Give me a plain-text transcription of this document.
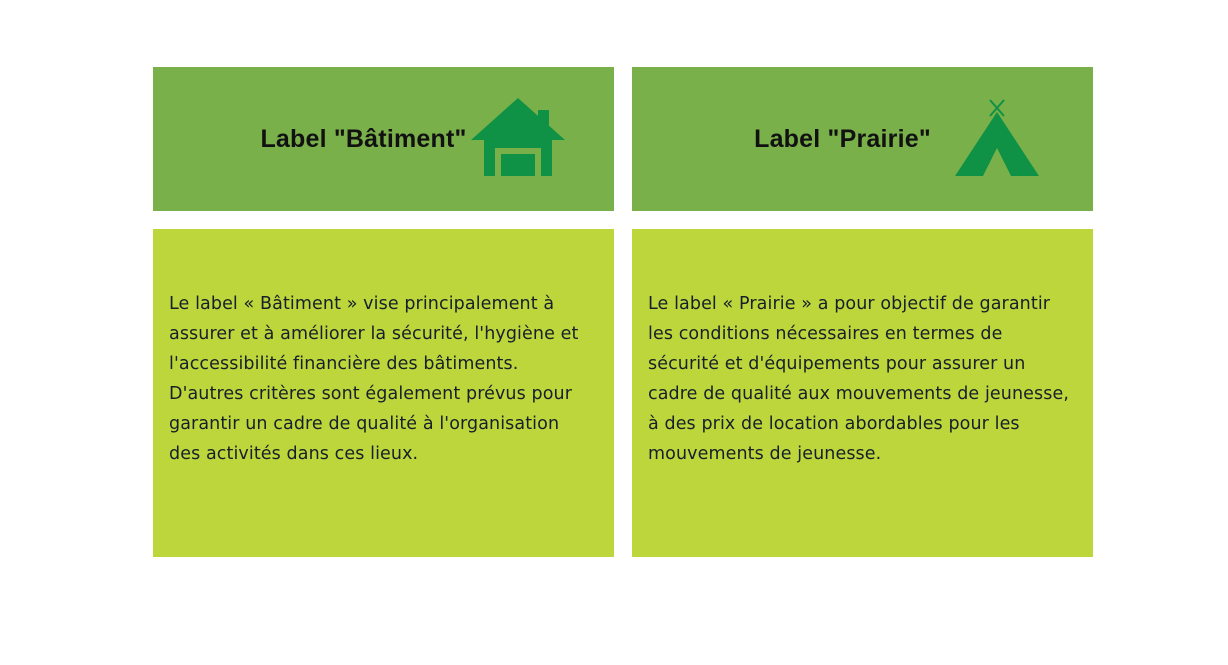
Label "Bâtiment"

Le label « Bâtiment » vise principalement à assurer et à améliorer la sécurité, l'hygiène et l'accessibilité financière des bâtiments. D'autres critères sont également prévus pour garantir un cadre de qualité à l'organisation des activités dans ces lieux.

Label "Prairie"

Le label « Prairie » a pour objectif de garantir les conditions nécessaires en termes de sécurité et d'équipements pour assurer un cadre de qualité aux mouvements de jeunesse, à des prix de location abordables pour les mouvements de jeunesse.
